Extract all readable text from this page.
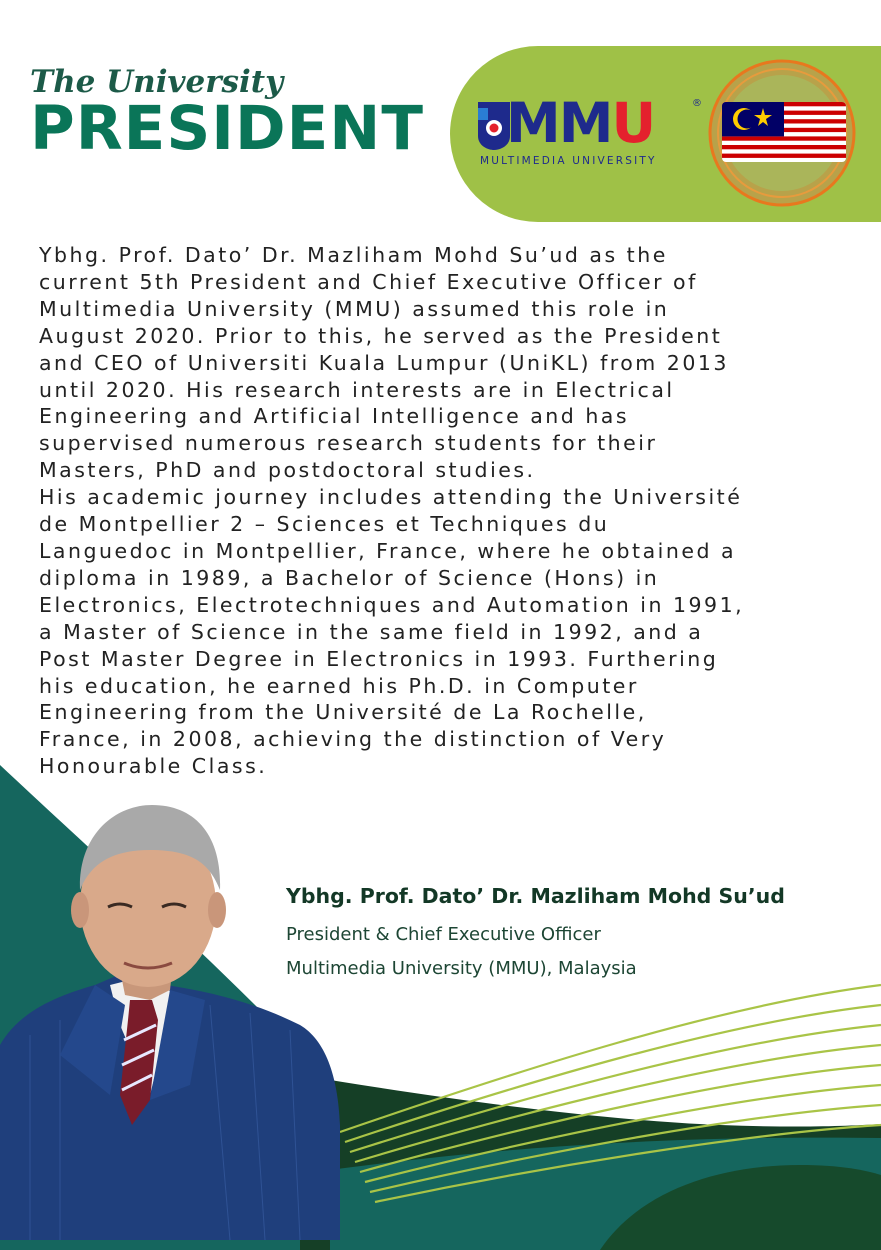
The University
PRESIDENT MMU	®
MULTIMEDIA UNIVERSITY

Ybhg. Prof. Dato’ Dr. Mazliham Mohd Su’ud as the
current 5th President and Chief Executive Officer of
Multimedia University (MMU) assumed this role in
August 2020. Prior to this, he served as the President
and CEO of Universiti Kuala Lumpur (UniKL) from 2013
until 2020. His research interests are in Electrical
Engineering and Artificial Intelligence and has
supervised numerous research students for their
Masters, PhD and postdoctoral studies.
His academic journey includes attending the Université
de Montpellier 2 – Sciences et Techniques du
Languedoc in Montpellier, France, where he obtained a
diploma in 1989, a Bachelor of Science (Hons) in
Electronics, Electrotechniques and Automation in 1991,
a Master of Science in the same field in 1992, and a
Post Master Degree in Electronics in 1993. Furthering
his education, he earned his Ph.D. in Computer
Engineering from the Université de La Rochelle,
France, in 2008, achieving the distinction of Very
Honourable Class.

Ybhg. Prof. Dato’ Dr. Mazliham Mohd Su’ud
President & Chief Executive Officer
Multimedia University (MMU), Malaysia
